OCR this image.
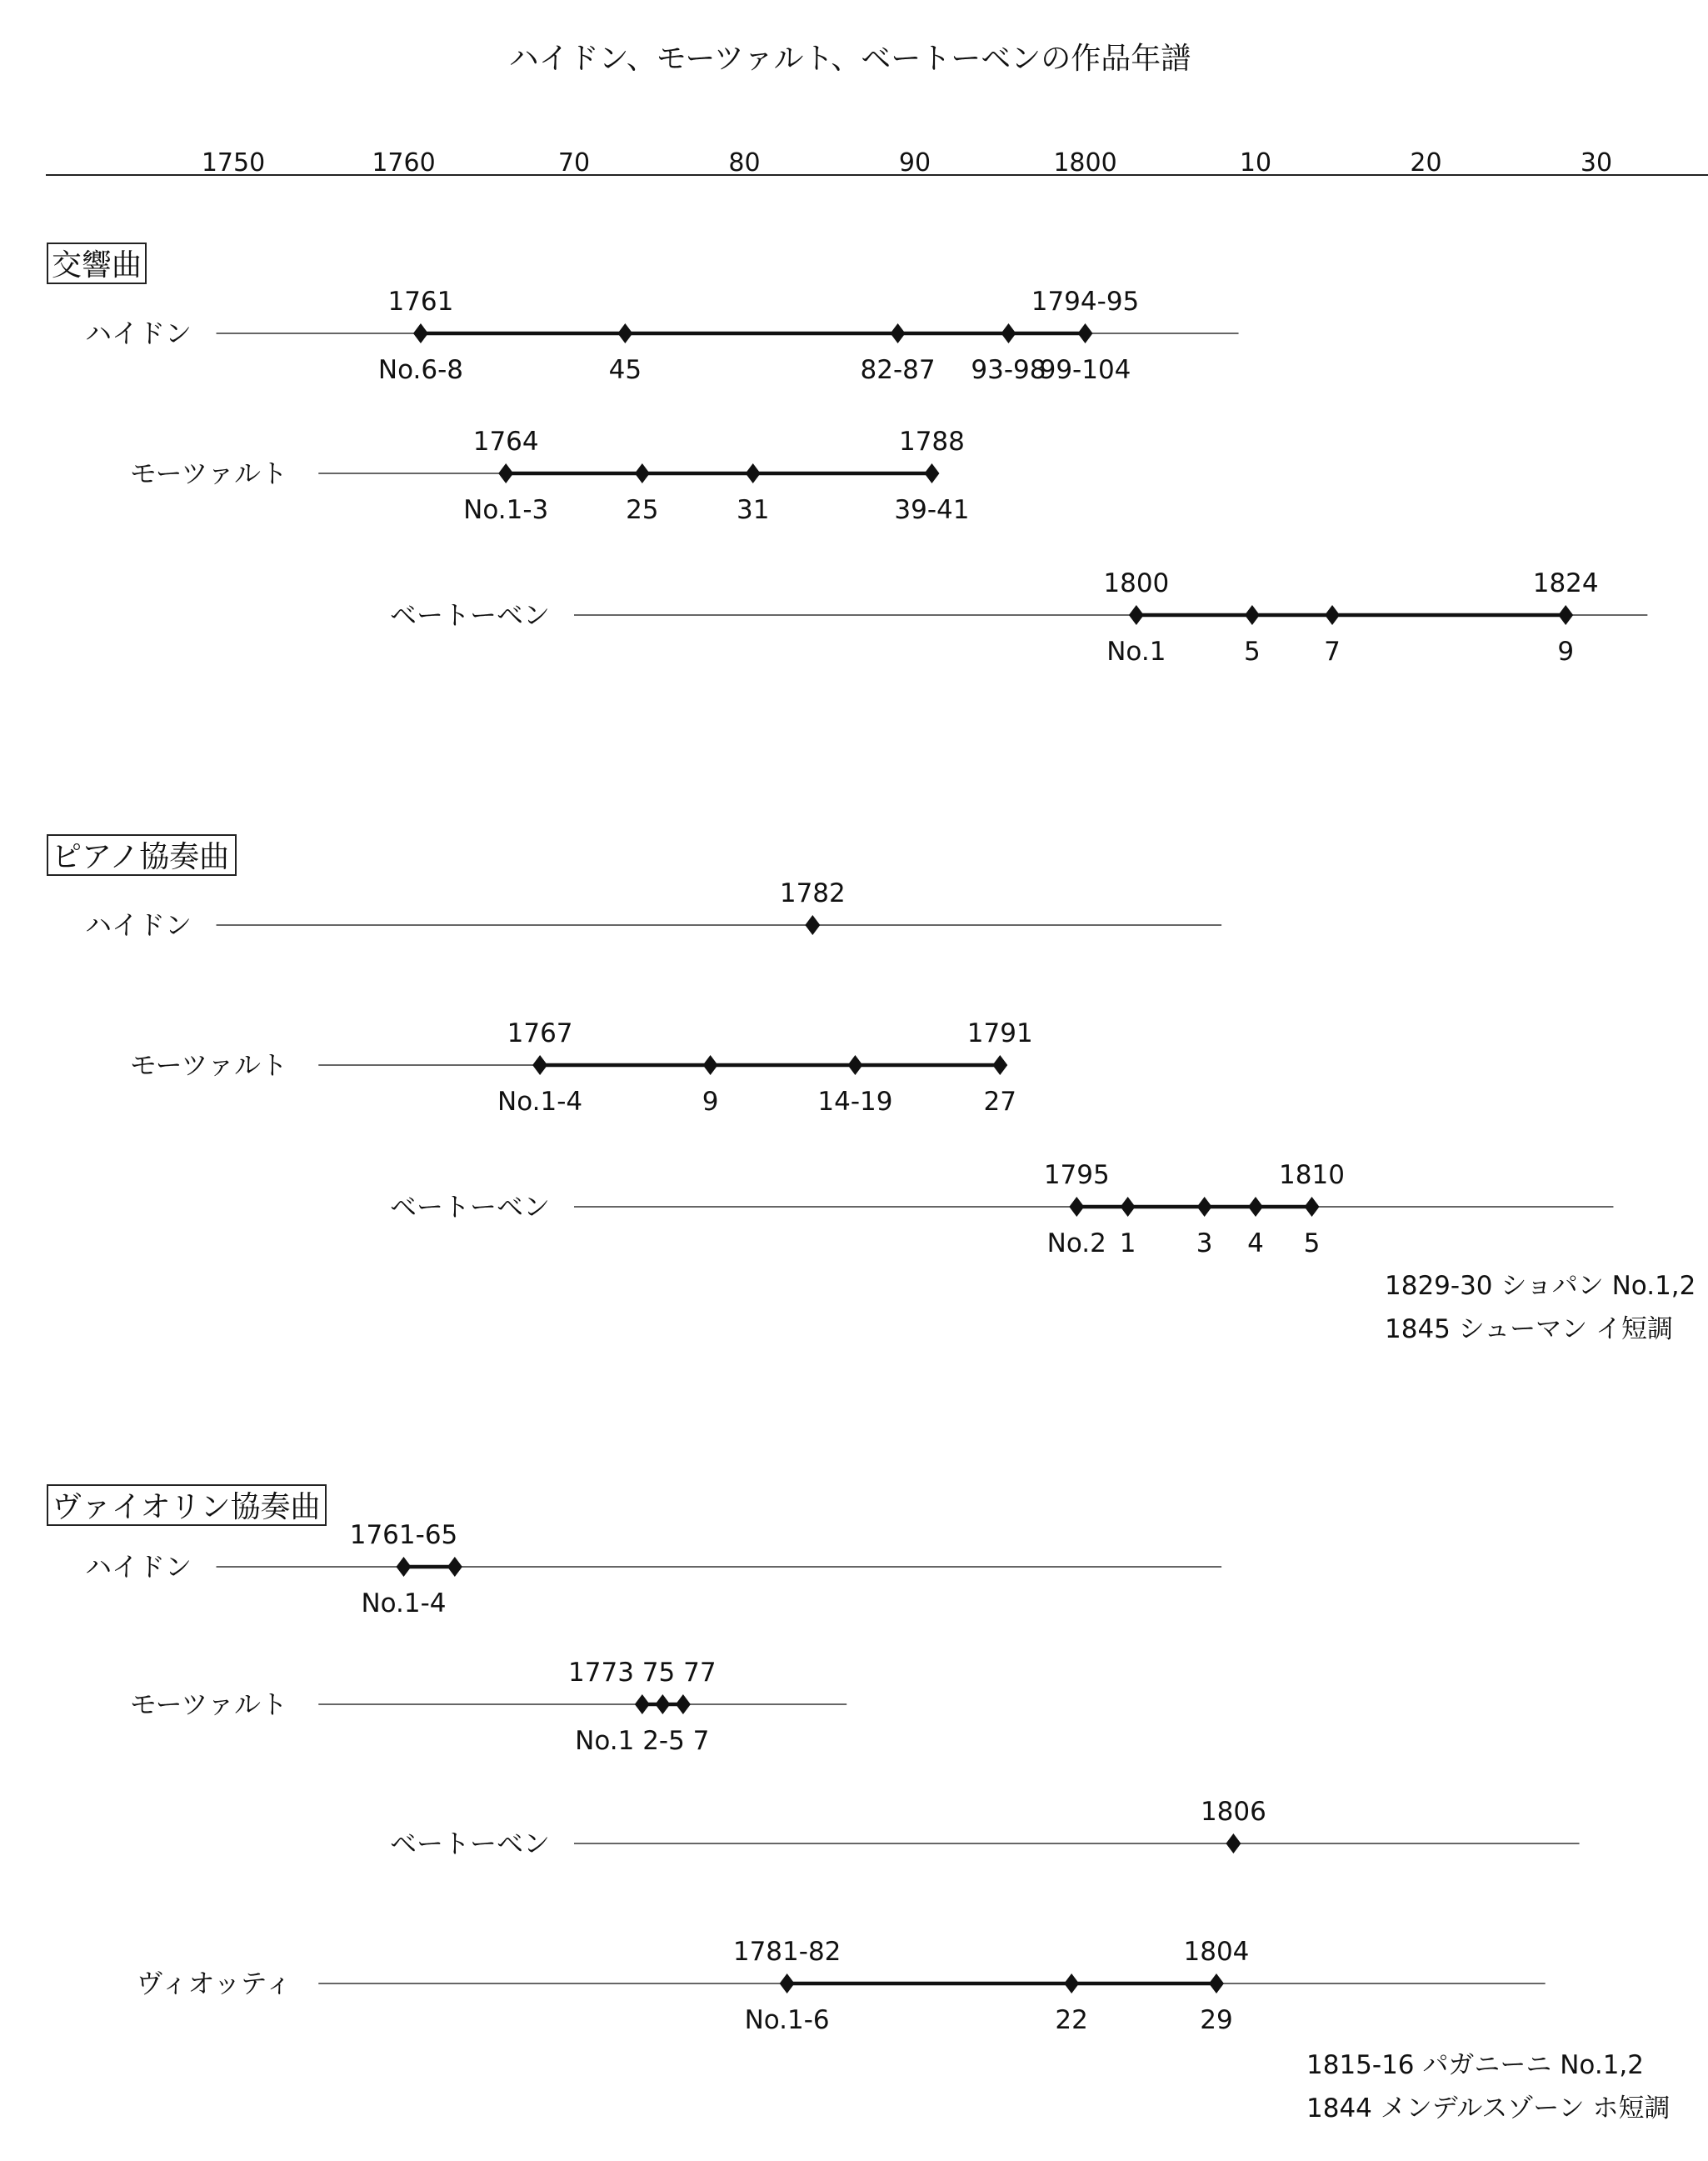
ハイドン、モーツァルト、ベートーベンの作品年譜
1750	1760	70	80	90	1800	10	20	30
交響曲
ハイドン
1761
No.6-8	45	82-87 93-98
1794-95
99-104
モーツァルト
1764
No.1-3	25	31
1788
39-41
ベートーベン
1800
No.1	5 7
1824
9
ピアノ協奏曲
ハイドン
1782
モーツァルト
1767
No.1-4	9	14-19
1791
27
ベートーベン
1795
No.2 1 3 4
1810
5
ヴァイオリン協奏曲
ハイドン
1761-65
No.1-4
モーツァルト
1773 75 77
No.1 2-5 7
ベートーベン
1806
ヴィオッティ
1781-82
No.1-6	22
1804
29
1829-30 ショパン No.1,2
1845 シューマン イ短調
1815-16 パガニーニ No.1,2
1844 メンデルスゾーン ホ短調
